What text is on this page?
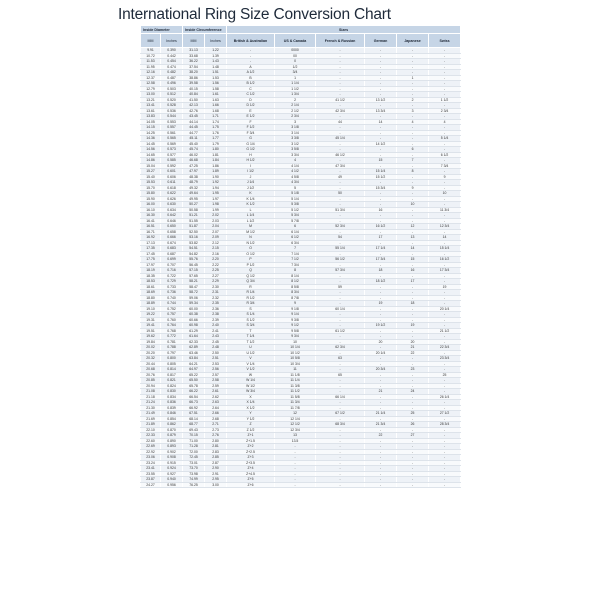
International Ring Size Conversion Chart
Inside Diameter		Inside Circumference		Sizes					
MM	Inches	MM	Inches	British & Australian	US & Canada	French & Russian	German	Japanese	Swiss
9.91	0.390	31.13	1.22	-	0000	-	-	-	-
10.72	0.442	33.68	1.39	-	00	-	-	-	-
11.53	0.454	36.22	1.43	-	0	-	-	-	-
11.95	0.474	37.54	1.48	A	1/2	-	-	-	-
12.16	0.482	38.20	1.51	A 1/2	3/4	-	-	-	-
12.37	0.487	38.86	1.53	B	1	-	-	1	-
12.58	0.496	39.58	1.56	B 1/2	1 1/4	-	-	-	-
12.79	0.503	40.15	1.58	C	1 1/2	-	-	-	-
13.00	0.512	40.84	1.61	C 1/2	1 3/4	-	-	-	-
13.21	0.520	41.50	1.63	D	2	41 1/2	13 1/2	2	1 1/2
13.41	0.528	42.13	1.66	D 1/2	2 1/4	-	-	-	-
13.61	0.536	42.76	1.68	E	2 1/2	42 3/4	13 3/4	3	2 3/4
13.83	0.544	43.45	1.71	E 1/2	2 3/4	-	-	-	-
14.05	0.553	44.14	1.74	F	3	44	14	4	4
14.15	0.557	44.45	1.75	F 1/2	3 1/8	-	-	-	-
14.25	0.561	44.77	1.76	F 3/4	3 1/4	-	-	-	-
14.36	0.565	45.11	1.77	G	3 3/8	45 1/4	-	-	5 1/4
14.45	0.569	45.40	1.79	G 1/4	3 1/2	-	14 1/2	-	-
14.56	0.573	45.74	1.80	G 1/2	3 5/8	-	-	6	-
14.65	0.577	46.02	1.81	H	3 3/4	46 1/2	-	-	6 1/2
14.86	0.585	46.68	1.84	H 1/2	4	-	15	7	-
15.04	0.592	47.25	1.86	I	4 1/4	47 3/4	-	-	7 3/4
15.27	0.601	47.97	1.89	I 1/2	4 1/2	-	15 1/4	8	-
15.40	0.606	48.38	1.90	J	4 5/8	49	15 1/2	-	9
15.53	0.611	48.79	1.92	J 1/4	4 3/4	-	-	-	-
15.70	0.618	49.32	1.94	J 1/2	5	-	15 3/4	9	-
15.80	0.622	49.64	1.95	K	5 1/8	50	-	-	10
15.90	0.626	49.95	1.97	K 1/4	5 1/4	-	-	-	-
16.00	0.630	50.27	1.98	K 1/2	5 3/8	-	-	10	-
16.10	0.634	50.58	1.99	L	5 1/2	51 3/4	16	-	11 3/4
16.30	0.642	51.21	2.02	L 1/4	5 3/4	-	-	-	-
16.41	0.646	51.55	2.03	L 1/2	5 7/8	-	-	-	-
16.51	0.650	51.87	2.04	M	6	52 3/4	16 1/2	12	12 3/4
16.71	0.658	52.50	2.07	M 1/2	6 1/4	-	-	-	-
16.92	0.666	53.16	2.09	N	6 1/2	54	17	13	14
17.13	0.674	53.82	2.12	N 1/2	6 3/4	-	-	-	-
17.35	0.683	54.51	2.15	O	7	55 1/4	17 1/4	14	15 1/4
17.45	0.687	54.82	2.16	O 1/2	7 1/4	-	-	-	-
17.75	0.699	55.76	2.20	P	7 1/2	56 1/2	17 3/4	15	16 1/2
17.97	0.707	56.45	2.22	P 1/2	7 3/4	-	-	-	-
18.19	0.716	57.15	2.25	Q	8	57 3/4	18	16	17 3/4
18.35	0.722	57.65	2.27	Q 1/2	8 1/4	-	-	-	-
18.53	0.729	58.21	2.29	Q 3/4	8 1/2	-	18 1/2	17	-
18.61	0.733	58.47	2.30	R	8 5/8	59	-	-	19
18.69	0.736	58.72	2.31	R 1/4	8 3/4	-	-	-	-
18.80	0.740	59.06	2.32	R 1/2	8 7/8	-	-	-	-
18.89	0.744	59.34	2.35	R 3/4	9	-	19	18	-
19.10	0.752	60.00	2.36	S	9 1/8	60 1/4	-	-	20 1/4
19.22	0.757	60.38	2.38	S 1/4	9 1/4	-	-	-	-
19.31	0.760	60.66	2.39	S 1/2	9 3/8	-	-	-	-
19.41	0.764	60.98	2.40	S 3/4	9 1/2	-	19 1/2	19	-
19.51	0.768	61.29	2.41	T	9 5/8	61 1/2	-	-	21 1/2
19.62	0.772	61.64	2.43	T 1/4	9 3/4	-	-	-	-
19.84	0.781	62.33	2.45	T 1/2	10	-	20	20	-
20.02	0.788	62.89	2.48	U	10 1/4	62 3/4	-	21	22 3/4
20.20	0.797	63.46	2.50	U 1/2	10 1/2	-	20 1/4	22	-
20.32	0.800	63.84	2.51	V	10 5/8	63	-	-	23 3/4
20.44	0.805	64.21	2.53	V 1/4	10 3/4	-	-	-	-
20.68	0.814	64.97	2.56	V 1/2	11	-	20 3/4	23	-
20.76	0.817	65.22	2.57	W	11 1/8	65	-	-	25
20.85	0.821	65.50	2.58	W 1/4	11 1/4	-	-	-	-
20.94	0.824	65.78	2.59	W 1/2	11 3/8	-	-	-	-
21.08	0.830	66.22	2.61	W 3/4	11 1/2	-	21	24	-
21.18	0.834	66.54	2.62	X	11 5/8	66 1/4	-	-	26 1/4
21.24	0.836	66.73	2.63	X 1/4	11 3/4	-	-	-	-
21.30	0.839	66.92	2.64	X 1/2	11 7/8	-	-	-	-
21.49	0.846	67.51	2.66	Y	12	67 1/2	21 1/4	25	27 1/2
21.69	0.854	68.14	2.68	Y 1/2	12 1/4	-	-	-	-
21.89	0.862	68.77	2.71	Z	12 1/2	68 3/4	21 3/4	26	28 3/4
22.10	0.870	69.43	2.73	Z 1/2	12 3/4	-	-	-	-
22.33	0.879	70.15	2.76	Z+1	13	-	22	27	-
22.60	0.890	71.00	2.80	Z+1.5	13.5	-	-	-	-
22.69	0.893	71.28	2.81	Z+2	-	-	-	-	-
22.92	0.902	72.00	2.83	Z+2.5	-	-	-	-	-
23.06	0.908	72.45	2.85	Z+3	-	-	-	-	-
23.24	0.915	73.01	2.87	Z+3.5	-	-	-	-	-
23.41	0.924	73.70	2.90	Z+4	-	-	-	-	-
23.55	0.927	73.98	2.91	Z+4.5	-	-	-	-	-
23.87	0.940	74.99	2.95	Z+5	-	-	-	-	-
24.27	0.956	76.25	3.00	Z+6	-	-	-	-	-
